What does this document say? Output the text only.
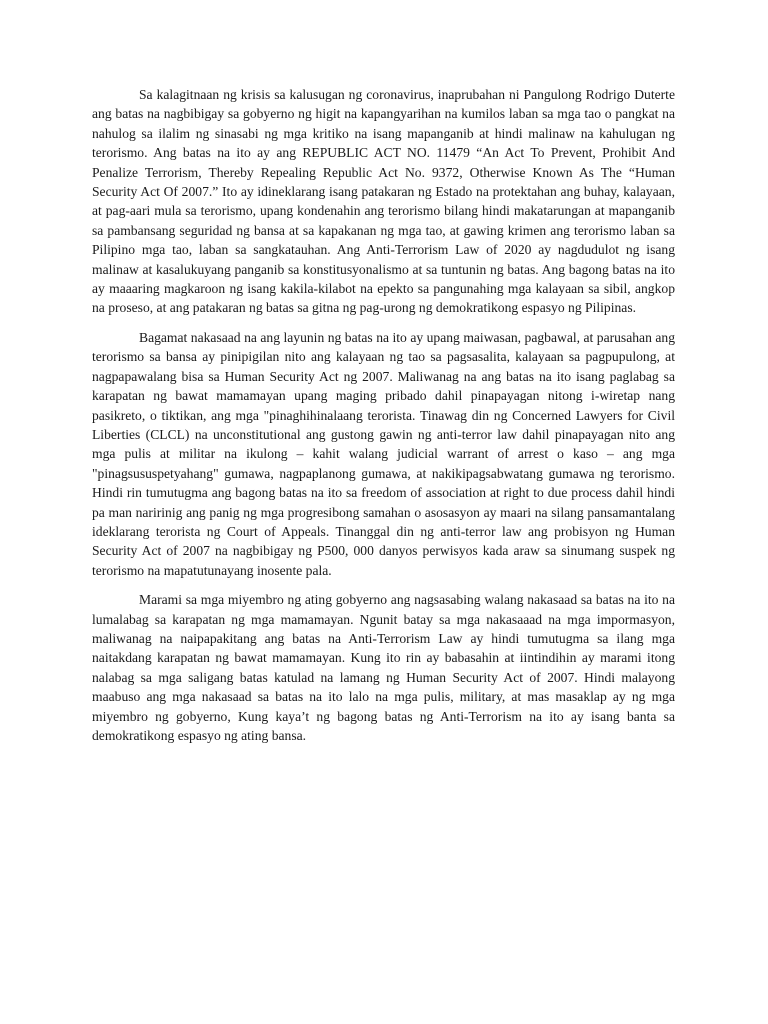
Sa kalagitnaan ng krisis sa kalusugan ng coronavirus, inaprubahan ni Pangulong Rodrigo Duterte ang batas na nagbibigay sa gobyerno ng higit na kapangyarihan na kumilos laban sa mga tao o pangkat na nahulog sa ilalim ng sinasabi ng mga kritiko na isang mapanganib at hindi malinaw na kahulugan ng terorismo. Ang batas na ito ay ang REPUBLIC ACT NO. 11479 “An Act To Prevent, Prohibit And Penalize Terrorism, Thereby Repealing Republic Act No. 9372, Otherwise Known As The “Human Security Act Of 2007.” Ito ay idineklarang isang patakaran ng Estado na protektahan ang buhay, kalayaan, at pag-aari mula sa terorismo, upang kondenahin ang terorismo bilang hindi makatarungan at mapanganib sa pambansang seguridad ng bansa at sa kapakanan ng mga tao, at gawing krimen ang terorismo laban sa Pilipino mga tao, laban sa sangkatauhan. Ang Anti-Terrorism Law of 2020 ay nagdudulot ng isang malinaw at kasalukuyang panganib sa konstitusyonalismo at sa tuntunin ng batas. Ang bagong batas na ito ay maaaring magkaroon ng isang kakila-kilabot na epekto sa pangunahing mga kalayaan sa sibil, angkop na proseso, at ang patakaran ng batas sa gitna ng pag-urong ng demokratikong espasyo ng Pilipinas.

Bagamat nakasaad na ang layunin ng batas na ito ay upang maiwasan, pagbawal, at parusahan ang terorismo sa bansa ay pinipigilan nito ang kalayaan ng tao sa pagsasalita, kalayaan sa pagpupulong, at nagpapawalang bisa sa Human Security Act ng 2007. Maliwanag na ang batas na ito isang paglabag sa karapatan ng bawat mamamayan upang maging pribado dahil pinapayagan nitong i-wiretap nang pasikreto, o tiktikan, ang mga "pinaghihinalaang terorista. Tinawag din ng Concerned Lawyers for Civil Liberties (CLCL) na unconstitutional ang gustong gawin ng anti-terror law dahil pinapayagan nito ang mga pulis at militar na ikulong – kahit walang judicial warrant of arrest o kaso – ang mga "pinagsususpetyahang" gumawa, nagpaplanong gumawa, at nakikipagsabwatang gumawa ng terorismo. Hindi rin tumutugma ang bagong batas na ito sa freedom of association at right to due process dahil hindi pa man naririnig ang panig ng mga progresibong samahan o asosasyon ay maari na silang pansamantalang ideklarang terorista ng Court of Appeals. Tinanggal din ng anti-terror law ang probisyon ng Human Security Act of 2007 na nagbibigay ng P500, 000 danyos perwisyos kada araw sa sinumang suspek ng terorismo na mapatutunayang inosente pala.

Marami sa mga miyembro ng ating gobyerno ang nagsasabing walang nakasaad sa batas na ito na lumalabag sa karapatan ng mga mamamayan. Ngunit batay sa mga nakasaaad na mga impormasyon, maliwanag na naipapakitang ang batas na Anti-Terrorism Law ay hindi tumutugma sa ilang mga naitakdang karapatan ng bawat mamamayan. Kung ito rin ay babasahin at iintindihin ay marami itong nalabag sa mga saligang batas katulad na lamang ng Human Security Act of 2007. Hindi malayong maabuso ang mga nakasaad sa batas na ito lalo na mga pulis, military, at mas masaklap ay ng mga miyembro ng gobyerno, Kung kaya’t ng bagong batas ng Anti-Terrorism na ito ay isang banta sa demokratikong espasyo ng ating bansa.
